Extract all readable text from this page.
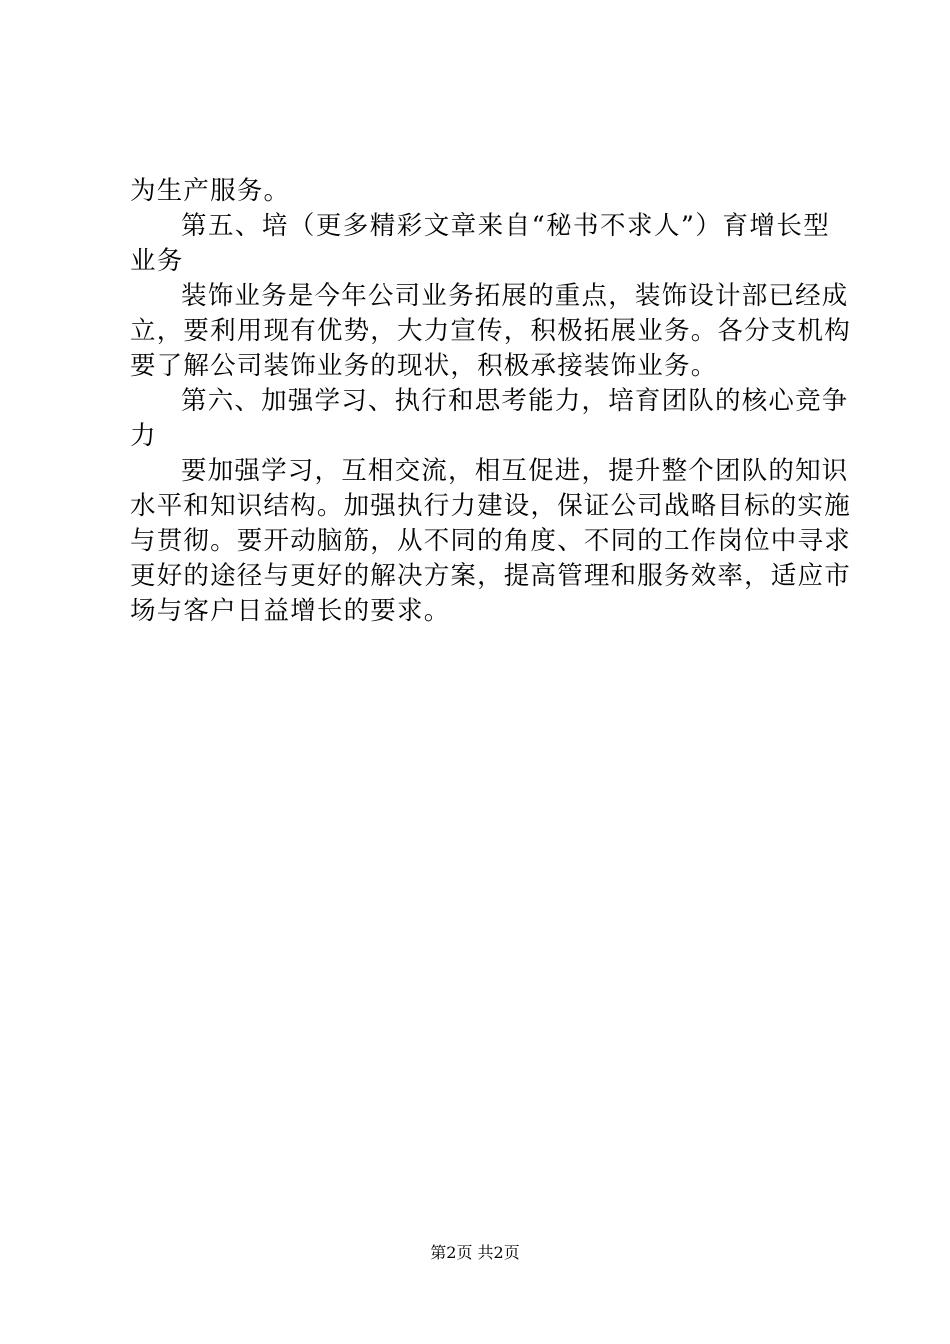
为生产服务。
第五、培（更多精彩文章来自“秘书不求人”）育增长型
业务
装饰业务是今年公司业务拓展的重点，装饰设计部已经成
立，要利用现有优势，大力宣传，积极拓展业务。各分支机构
要了解公司装饰业务的现状，积极承接装饰业务。
第六、加强学习、执行和思考能力，培育团队的核心竞争
力
要加强学习，互相交流，相互促进，提升整个团队的知识
水平和知识结构。加强执行力建设，保证公司战略目标的实施
与贯彻。要开动脑筋，从不同的角度、不同的工作岗位中寻求
更好的途径与更好的解决方案，提高管理和服务效率，适应市
场与客户日益增长的要求。
第2页 共2页
